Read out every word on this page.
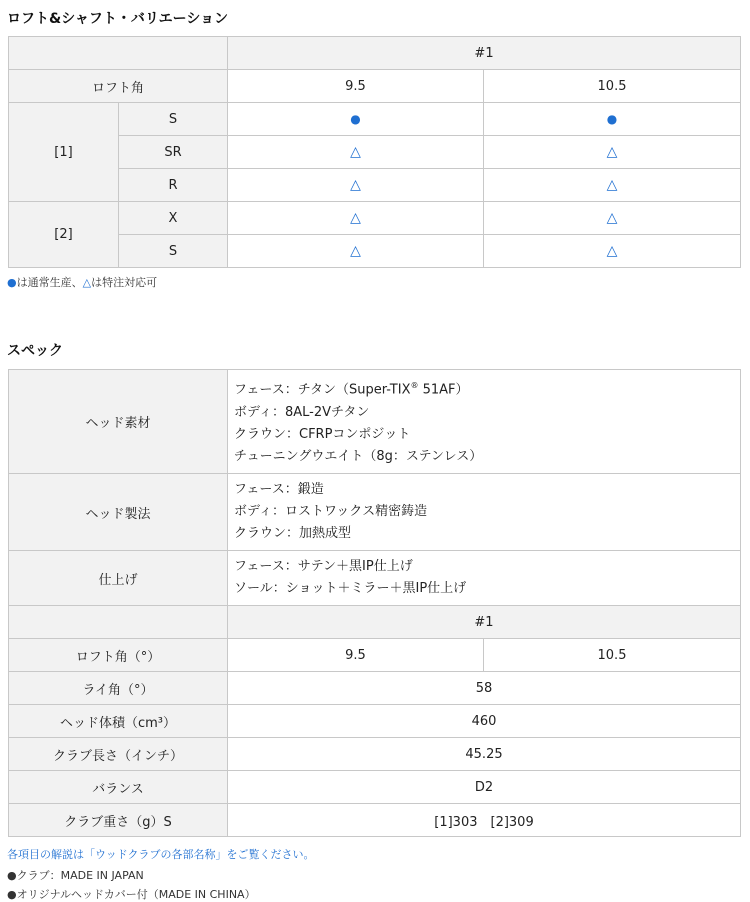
ロフト&シャフト・バリエーション
		#1	
ロフト角		9.5	10.5
[1]	S	●	●
	SR	△	△
	R	△	△
[2]	X	△	△
	S	△	△
●は通常生産、△は特注対応可
スペック
ヘッド素材	フェース：チタン（Super-TIX® 51AF）
ボディ：8AL-2Vチタン
クラウン：CFRPコンポジット
チューニングウエイト（8g：ステンレス）	

ヘッド製法	フェース：鍛造
ボディ：ロストワックス精密鋳造
クラウン：加熱成型	

仕上げ	フェース：サテン＋黒IP仕上げ
ソール：ショット＋ミラー＋黒IP仕上げ	

	#1	
ロフト角（°）	9.5	10.5
ライ角（°）	58	
ヘッド体積（cm³）	460	
クラブ長さ（インチ）	45.25	
バランス	D2	
クラブ重さ（g）S	[1]303　[2]309	
各項目の解説は「ウッドクラブの各部名称」をご覧ください。
●クラブ：MADE IN JAPAN
●オリジナルヘッドカバー付（MADE IN CHINA）
